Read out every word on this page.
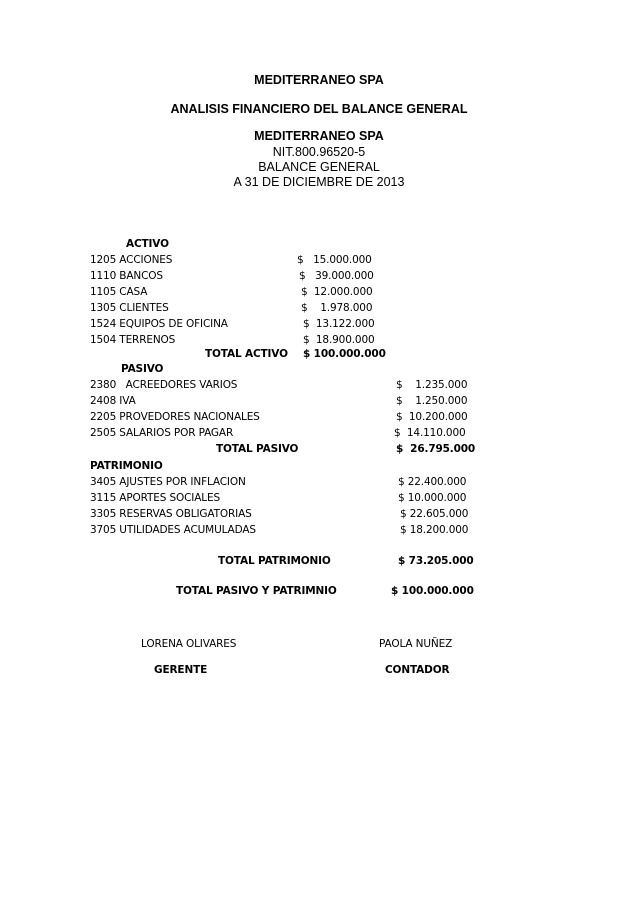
MEDITERRANEO SPA
ANALISIS FINANCIERO DEL BALANCE GENERAL
MEDITERRANEO SPA
NIT.800.96520-5
BALANCE GENERAL
A 31 DE DICIEMBRE DE 2013
ACTIVO
1205 ACCIONES	$   15.000.000
1110 BANCOS	$   39.000.000
1105 CASA	$  12.000.000
1305 CLIENTES	$    1.978.000
1524 EQUIPOS DE OFICINA	$  13.122.000
1504 TERRENOS	$  18.900.000
TOTAL ACTIVO $ 100.000.000
PASIVO
2380   ACREEDORES VARIOS	$    1.235.000
2408 IVA	$    1.250.000
2205 PROVEDORES NACIONALES	$  10.200.000
2505 SALARIOS POR PAGAR	$  14.110.000
TOTAL PASIVO	$  26.795.000
PATRIMONIO
3405 AJUSTES POR INFLACION	$ 22.400.000
3115 APORTES SOCIALES	$ 10.000.000
3305 RESERVAS OBLIGATORIAS	$ 22.605.000
3705 UTILIDADES ACUMULADAS	$ 18.200.000
TOTAL PATRIMONIO	$ 73.205.000
TOTAL PASIVO Y PATRIMNIO	$ 100.000.000
LORENA OLIVARES	PAOLA NUÑEZ
GERENTE	CONTADOR
